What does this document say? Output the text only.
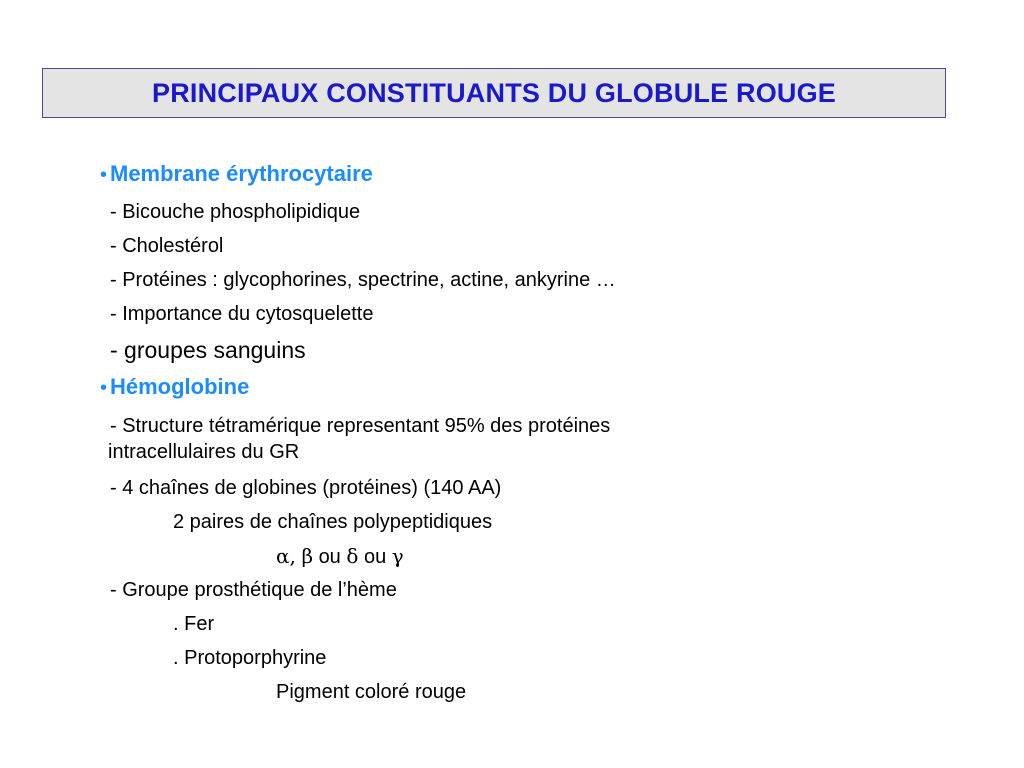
PRINCIPAUX CONSTITUANTS DU GLOBULE ROUGE
• Membrane érythrocytaire
- Bicouche phospholipidique
- Cholestérol
- Protéines : glycophorines, spectrine, actine, ankyrine …
- Importance du cytosquelette
- groupes sanguins
• Hémoglobine
- Structure tétramérique representant 95% des protéines
intracellulaires du GR
- 4 chaînes de globines (protéines) (140 AA)
2 paires de chaînes polypeptidiques
α, β ou δ ou γ
- Groupe prosthétique de l’hème
. Fer
. Protoporphyrine
Pigment coloré rouge
